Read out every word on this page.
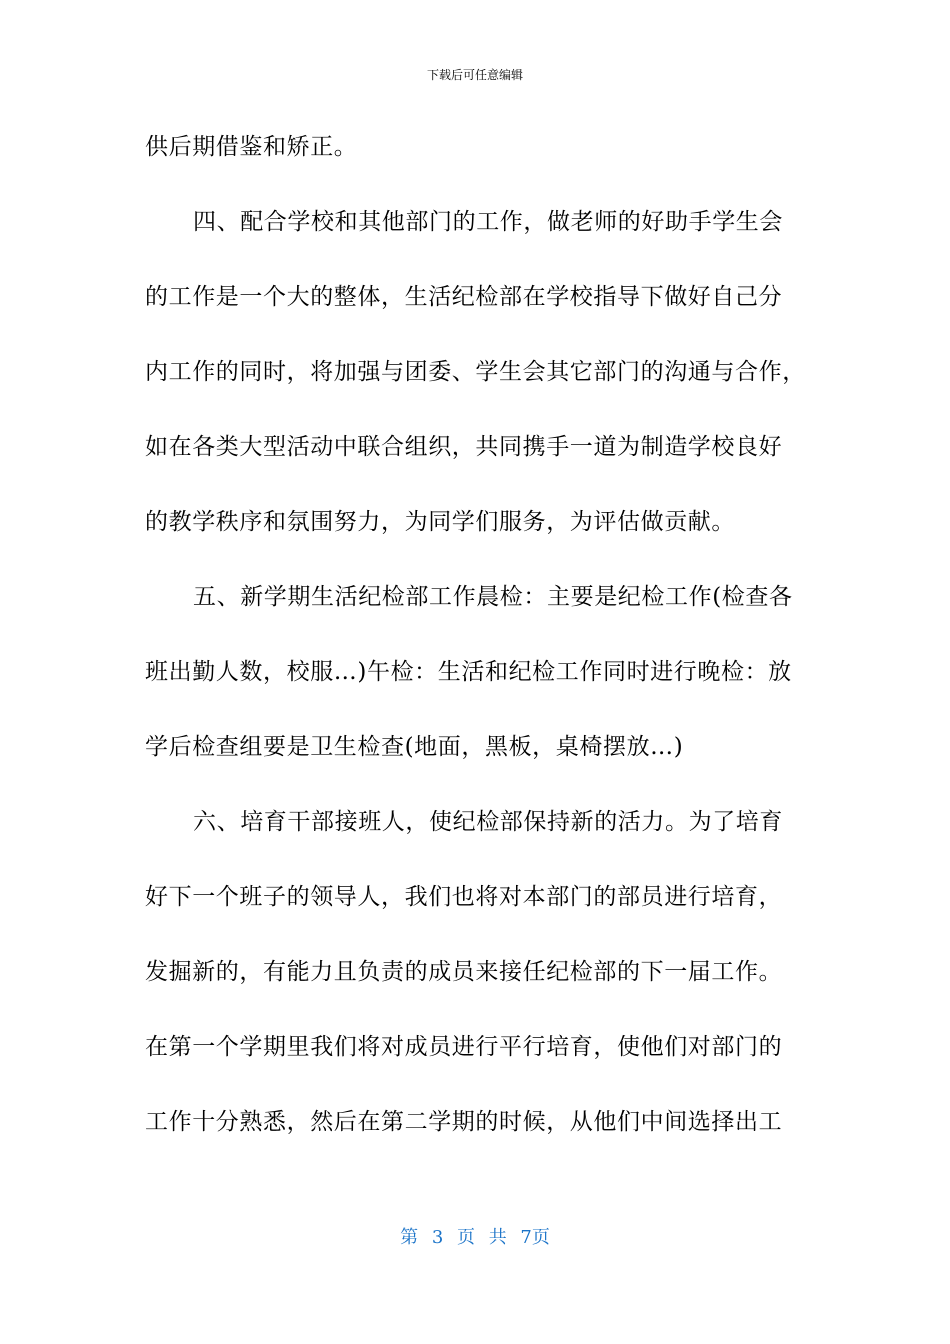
下载后可任意编辑
供后期借鉴和矫正。
四、配合学校和其他部门的工作，做老师的好助手学生会
的工作是一个大的整体，生活纪检部在学校指导下做好自己分
内工作的同时，将加强与团委、学生会其它部门的沟通与合作，
如在各类大型活动中联合组织，共同携手一道为制造学校良好
的教学秩序和氛围努力，为同学们服务，为评估做贡献。
五、新学期生活纪检部工作晨检：主要是纪检工作(检查各
班出勤人数，校服…)午检：生活和纪检工作同时进行晚检：放
学后检查组要是卫生检查(地面，黑板，桌椅摆放…)
六、培育干部接班人，使纪检部保持新的活力。为了培育
好下一个班子的领导人，我们也将对本部门的部员进行培育，
发掘新的，有能力且负责的成员来接任纪检部的下一届工作。
在第一个学期里我们将对成员进行平行培育，使他们对部门的
工作十分熟悉，然后在第二学期的时候，从他们中间选择出工
第 3 页 共 7页
